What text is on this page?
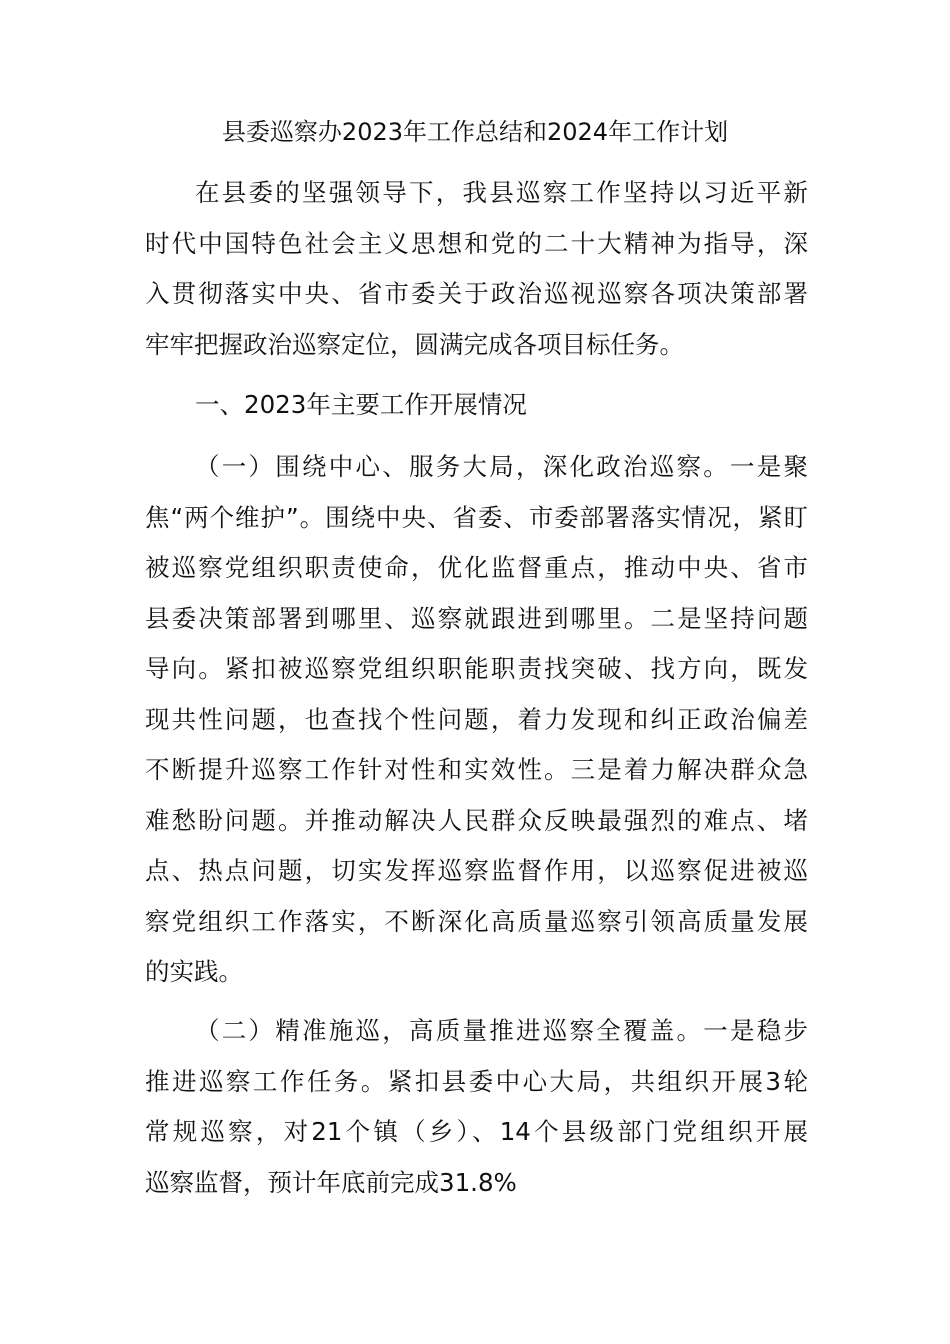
县委巡察办2023年工作总结和2024年工作计划
在县委的坚强领导下，我县巡察工作坚持以习近平新
时代中国特色社会主义思想和党的二十大精神为指导，深
入贯彻落实中央、省市委关于政治巡视巡察各项决策部署
牢牢把握政治巡察定位，圆满完成各项目标任务。
一、2023年主要工作开展情况
（一）围绕中心、服务大局，深化政治巡察。一是聚
焦“两个维护”。围绕中央、省委、市委部署落实情况，紧盯
被巡察党组织职责使命，优化监督重点，推动中央、省市
县委决策部署到哪里、巡察就跟进到哪里。二是坚持问题
导向。紧扣被巡察党组织职能职责找突破、找方向，既发
现共性问题，也查找个性问题，着力发现和纠正政治偏差
不断提升巡察工作针对性和实效性。三是着力解决群众急
难愁盼问题。并推动解决人民群众反映最强烈的难点、堵
点、热点问题，切实发挥巡察监督作用，以巡察促进被巡
察党组织工作落实，不断深化高质量巡察引领高质量发展
的实践。
（二）精准施巡，高质量推进巡察全覆盖。一是稳步
推进巡察工作任务。紧扣县委中心大局，共组织开展3轮
常规巡察，对21个镇（乡）、14个县级部门党组织开展
巡察监督，预计年底前完成31.8%
